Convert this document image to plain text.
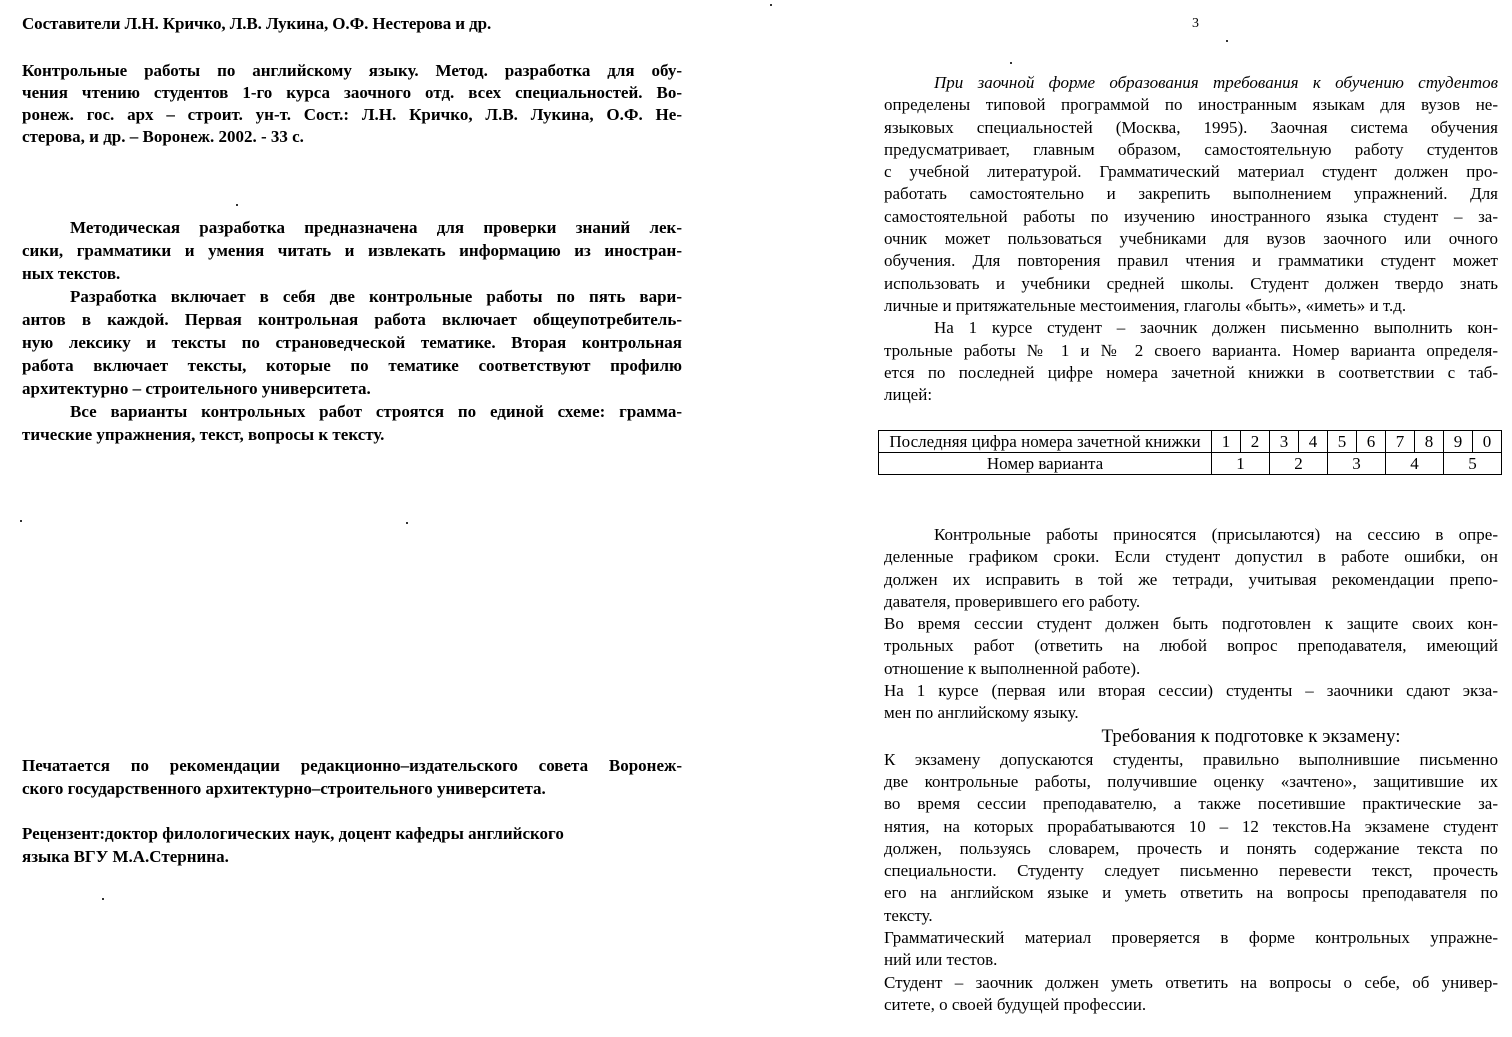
Составители Л.Н. Кричко, Л.В. Лукина, О.Ф. Нестерова и др.

Контрольные работы по английскому языку. Метод. разработка для обу-

чения чтению студентов 1-го курса заочного отд. всех специальностей. Во-

ронеж. гос. арх – строит. ун-т. Сост.: Л.Н. Кричко, Л.В. Лукина, О.Ф. Не-

стерова, и др. – Воронеж. 2002. - 33 с.

Методическая разработка предназначена для проверки знаний лек-

сики, грамматики и умения читать и извлекать информацию из иностран-

ных текстов.

Разработка включает в себя две контрольные работы по пять вари-

антов в каждой. Первая контрольная работа включает общеупотребитель-

ную лексику и тексты по страноведческой тематике. Вторая контрольная

работа включает тексты, которые по тематике соответствуют профилю

архитектурно – строительного университета.

Все варианты контрольных работ строятся по единой схеме: грамма-

тические упражнения, текст, вопросы к тексту.

Печатается по рекомендации редакционно–издательского совета Воронеж-

ского государственного архитектурно–строительного университета.

Рецензент:доктор филологических наук, доцент кафедры английского

языка ВГУ М.А.Стернина.

3

При заочной форме образования требования к обучению студентов

определены типовой программой по иностранным языкам для вузов не-

языковых специальностей (Москва, 1995). Заочная система обучения

предусматривает, главным образом, самостоятельную работу студентов

с учебной литературой. Грамматический материал студент должен про-

работать самостоятельно и закрепить выполнением упражнений. Для

самостоятельной работы по изучению иностранного языка студент – за-

очник может пользоваться учебниками для вузов заочного или очного

обучения. Для повторения правил чтения и грамматики студент может

использовать и учебники средней школы. Студент должен твердо знать

личные и притяжательные местоимения, глаголы «быть», «иметь» и т.д.

На 1 курсе студент – заочник должен письменно выполнить кон-

трольные работы № 1 и № 2 своего варианта. Номер варианта определя-

ется по последней цифре номера зачетной книжки в соответствии с таб-

лицей:

Последняя цифра номера зачетной книжки	1	2	3	4	5	6	7	8	9	0
Номер варианта	1		2		3		4		5	

Контрольные работы приносятся (присылаются) на сессию в опре-

деленные графиком сроки. Если студент допустил в работе ошибки, он

должен их исправить в той же тетради, учитывая рекомендации препо-

давателя, проверившего его работу.

Во время сессии студент должен быть подготовлен к защите своих кон-

трольных работ (ответить на любой вопрос преподавателя, имеющий

отношение к выполненной работе).

На 1 курсе (первая или вторая сессии) студенты – заочники сдают экза-

мен по английскому языку.

Требования к подготовке к экзамену:

К экзамену допускаются студенты, правильно выполнившие письменно

две контрольные работы, получившие оценку «зачтено», защитившие их

во время сессии преподавателю, а также посетившие практические за-

нятия, на которых прорабатываются 10 – 12 текстов.На экзамене студент

должен, пользуясь словарем, прочесть и понять содержание текста по

специальности. Студенту следует письменно перевести текст, прочесть

его на английском языке и уметь ответить на вопросы преподавателя по

тексту.

Грамматический материал проверяется в форме контрольных упражне-

ний или тестов.

Студент – заочник должен уметь ответить на вопросы о себе, об универ-

ситете, о своей будущей профессии.
